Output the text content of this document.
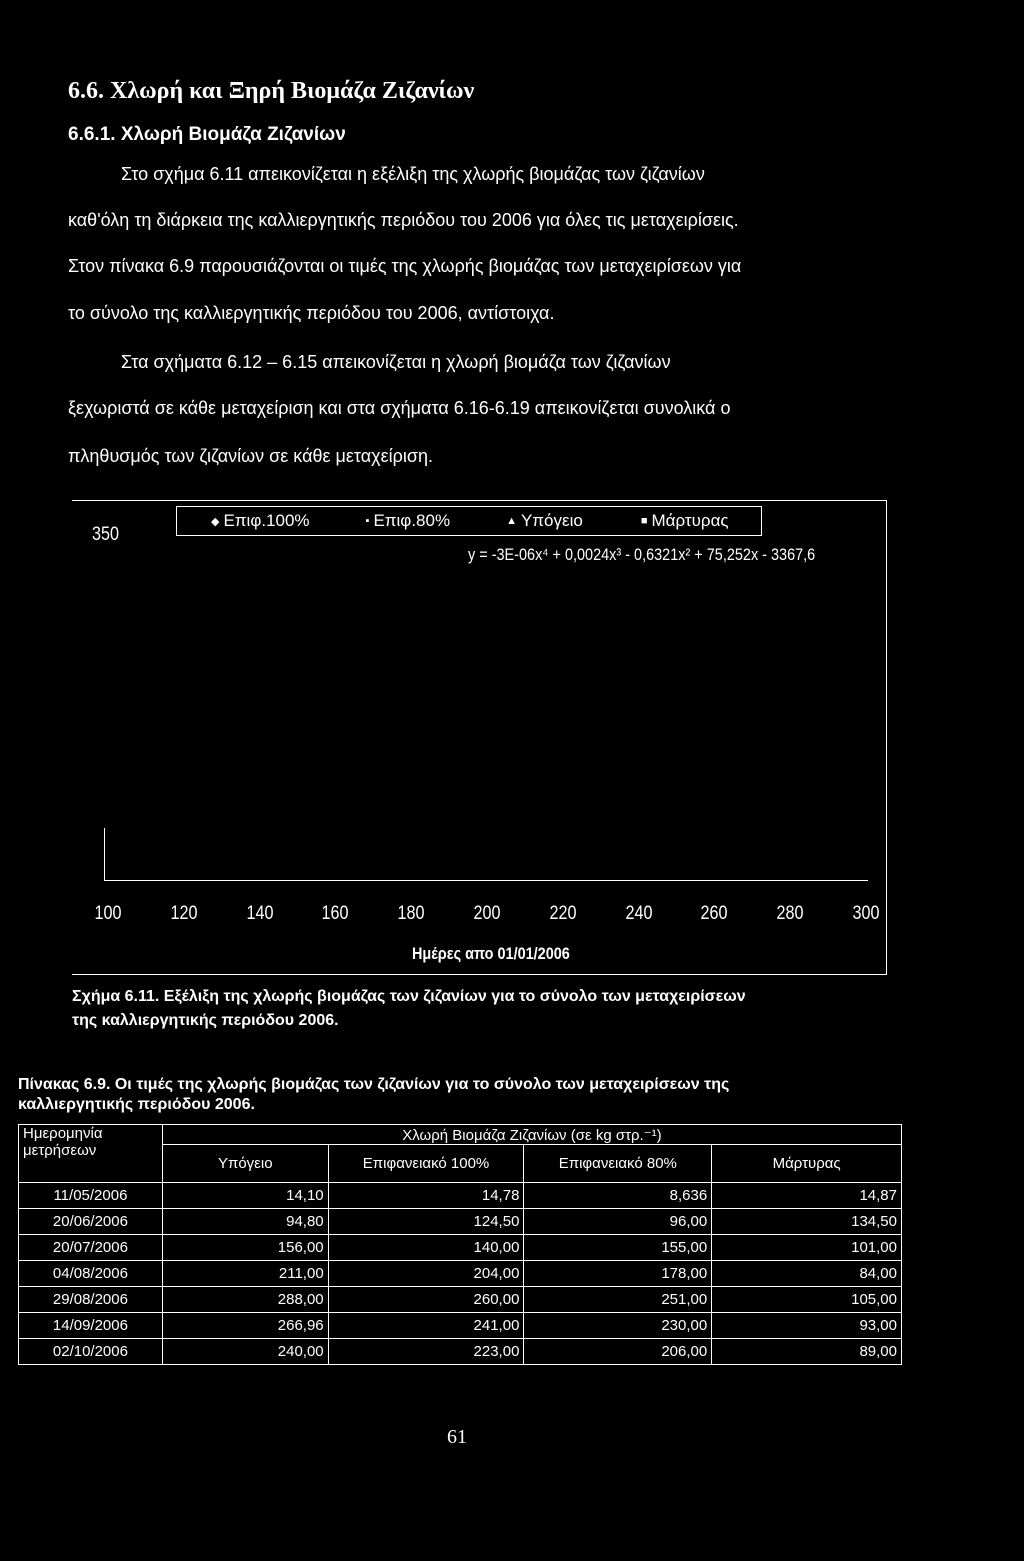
6.6. Χλωρή και Ξηρή Βιομάζα Ζιζανίων
6.6.1. Χλωρή Βιομάζα Ζιζανίων
Στο σχήμα 6.11 απεικονίζεται η εξέλιξη της χλωρής βιομάζας των ζιζανίων
καθ'όλη τη διάρκεια της καλλιεργητικής περιόδου του 2006 για όλες τις μεταχειρίσεις.
Στον πίνακα 6.9 παρουσιάζονται οι τιμές της χλωρής βιομάζας των μεταχειρίσεων για
το σύνολο της καλλιεργητικής περιόδου του 2006, αντίστοιχα.
Στα σχήματα 6.12 – 6.15 απεικονίζεται η χλωρή βιομάζα των ζιζανίων
ξεχωριστά σε κάθε μεταχείριση και στα σχήματα 6.16-6.19 απεικονίζεται συνολικά ο
πληθυσμός των ζιζανίων σε κάθε μεταχείριση.
350
◆ Επιφ.100%	▪ Επιφ.80%	▲ Υπόγειο	■ Μάρτυρας
y = -3E-06x⁴ + 0,0024x³ - 0,6321x² + 75,252x - 3367,6
100	120	140	160	180	200	220	240	260	280	300
Ημέρες απο 01/01/2006
Σχήμα 6.11. Εξέλιξη της χλωρής βιομάζας των ζιζανίων για το σύνολο των μεταχειρίσεων
της καλλιεργητικής περιόδου 2006.
Πίνακας 6.9. Οι τιμές της χλωρής βιομάζας των ζιζανίων για το σύνολο των μεταχειρίσεων της
καλλιεργητικής περιόδου 2006.
Ημερομηνία μετρήσεων	Χλωρή Βιομάζα Ζιζανίων (σε kg στρ.⁻¹)			
	Υπόγειο	Επιφανειακό 100%	Επιφανειακό 80%	Μάρτυρας
11/05/2006	14,10	14,78	8,636	14,87
20/06/2006	94,80	124,50	96,00	134,50
20/07/2006	156,00	140,00	155,00	101,00
04/08/2006	211,00	204,00	178,00	84,00
29/08/2006	288,00	260,00	251,00	105,00
14/09/2006	266,96	241,00	230,00	93,00
02/10/2006	240,00	223,00	206,00	89,00
61
